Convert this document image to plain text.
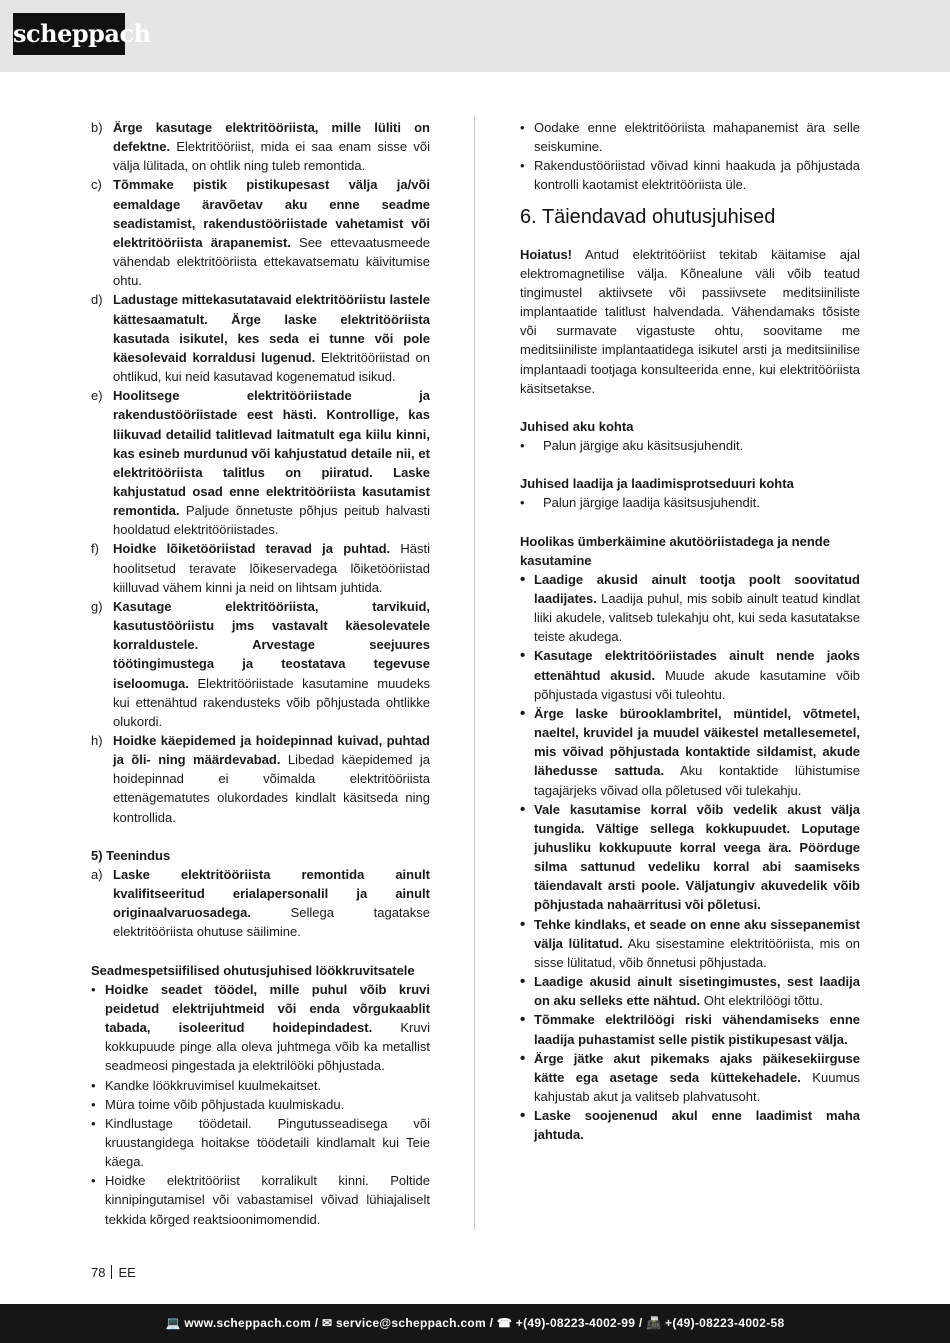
scheppach
b) Ärge kasutage elektritööriista, mille lüliti on defektne. Elektritööriist, mida ei saa enam sisse või välja lülitada, on ohtlik ning tuleb remontida.
c) Tõmmake pistik pistikupesast välja ja/või eemaldage äravõetav aku enne seadme seadistamist, rakendustööriistade vahetamist või elektritööriista ärapanemist. See ettevaatusmeede vähendab elektritööriista ettekavatsematu käivitumise ohtu.
d) Ladustage mittekasutatavaid elektritööriistu lastele kättesaamatult. Ärge laske elektritööriista kasutada isikutel, kes seda ei tunne või pole käesolevaid korraldusi lugenud. Elektritööriistad on ohtlikud, kui neid kasutavad kogenematud isikud.
e) Hoolitsege elektritööriistade ja rakendustööriistade eest hästi. Kontrollige, kas liikuvad detailid talitlevad laitmatult ega kiilu kinni, kas esineb murdunud või kahjustatud detaile nii, et elektritööriista talitlus on piiratud. Laske kahjustatud osad enne elektritööriista kasutamist remontida. Paljude õnnetuste põhjus peitub halvasti hooldatud elektritööriistades.
f) Hoidke lõiketööriistad teravad ja puhtad. Hästi hoolitsetud teravate lõikeservadega lõiketööriistad kiilluvad vähem kinni ja neid on lihtsam juhtida.
g) Kasutage elektritööriista, tarvikuid, kasutustööriistu jms vastavalt käesolevatele korraldustele. Arvestage seejuures töötingimustega ja teostatava tegevuse iseloomuga. Elektritööriistade kasutamine muudeks kui ettenähtud rakendusteks võib põhjustada ohtlikke olukordi.
h) Hoidke käepidemed ja hoidepinnad kuivad, puhtad ja õli- ning määrdevabad. Libedad käepidemed ja hoidepinnad ei võimalda elektritööriista ettenägematutes olukordades kindlalt käsitseda ning kontrollida.
5) Teenindus
a) Laske elektritööriista remontida ainult kvalifitseeritud erialapersonalil ja ainult originaalvaruosadega. Sellega tagatakse elektritööriista ohutuse säilimine.
Seadmespetsiifilised ohutusjuhised löökkruvitsatele
• Hoidke seadet töödel, mille puhul võib kruvi peidetud elektrijuhtmeid või enda võrgukaablit tabada, isoleeritud hoidepindadest. Kruvi kokkupuude pinge alla oleva juhtmega võib ka metallist seadmeosi pingestada ja elektrilööki põhjustada.
• Kandke löökkruvimisel kuulmekaitset.
• Müra toime võib põhjustada kuulmiskadu.
• Kindlustage töödetail. Pingutusseadisega või kruustangidega hoitakse töödetaili kindlamalt kui Teie käega.
• Hoidke elektritööriist korralikult kinni. Poltide kinnipingutamisel või vabastamisel võivad lühiajaliselt tekkida kõrged reaktsioonimomendid.
• Oodake enne elektritööriista mahapanemist ära selle seiskumine.
• Rakendustööriistad võivad kinni haakuda ja põhjustada kontrolli kaotamist elektritööriista üle.
6. Täiendavad ohutusjuhised

Hoiatus! Antud elektritööriist tekitab käitamise ajal elektromagnetilise välja. Kõnealune väli võib teatud tingimustel aktiivsete või passiivsete meditsiiniliste implantaatide talitlust halvendada. Vähendamaks tõsiste või surmavate vigastuste ohtu, soovitame me meditsiiniliste implantaatidega isikutel arsti ja meditsiinilise implantaadi tootjaga konsulteerida enne, kui elektritööriista käsitsetakse.

Juhised aku kohta
• Palun järgige aku käsitsusjuhendit.
Juhised laadija ja laadimisprotseduuri kohta
• Palun järgige laadija käsitsusjuhendit.
Hoolikas ümberkäimine akutööriistadega ja nende kasutamine
• Laadige akusid ainult tootja poolt soovitatud laadijates. Laadija puhul, mis sobib ainult teatud kindlat liiki akudele, valitseb tulekahju oht, kui seda kasutatakse teiste akudega.
• Kasutage elektritööriistades ainult nende jaoks ettenähtud akusid. Muude akude kasutamine võib põhjustada vigastusi või tuleohtu.
• Ärge laske bürooklambritel, müntidel, võtmetel, naeltel, kruvidel ja muudel väikestel metallesemetel, mis võivad põhjustada kontaktide sildamist, akude lähedusse sattuda. Aku kontaktide lühistumise tagajärjeks võivad olla põletused või tulekahju.
• Vale kasutamise korral võib vedelik akust välja tungida. Vältige sellega kokkupuudet. Loputage juhusliku kokkupuute korral veega ära. Pöörduge silma sattunud vedeliku korral abi saamiseks täiendavalt arsti poole. Väljatungiv akuvedelik võib põhjustada nahaärritusi või põletusi.
• Tehke kindlaks, et seade on enne aku sissepanemist välja lülitatud. Aku sisestamine elektritööriista, mis on sisse lülitatud, võib õnnetusi põhjustada.
• Laadige akusid ainult sisetingimustes, sest laadija on aku selleks ette nähtud. Oht elektrilöögi tõttu.
• Tõmmake elektrilöögi riski vähendamiseks enne laadija puhastamist selle pistik pistikupesast välja.
• Ärge jätke akut pikemaks ajaks päikesekiirguse kätte ega asetage seda küttekehadele. Kuumus kahjustab akut ja valitseb plahvatusoht.
• Laske soojenenud akul enne laadimist maha jahtuda.
78 EE
💻 www.scheppach.com / ✉ service@scheppach.com / ☎ +(49)-08223-4002-99 / 📠 +(49)-08223-4002-58
